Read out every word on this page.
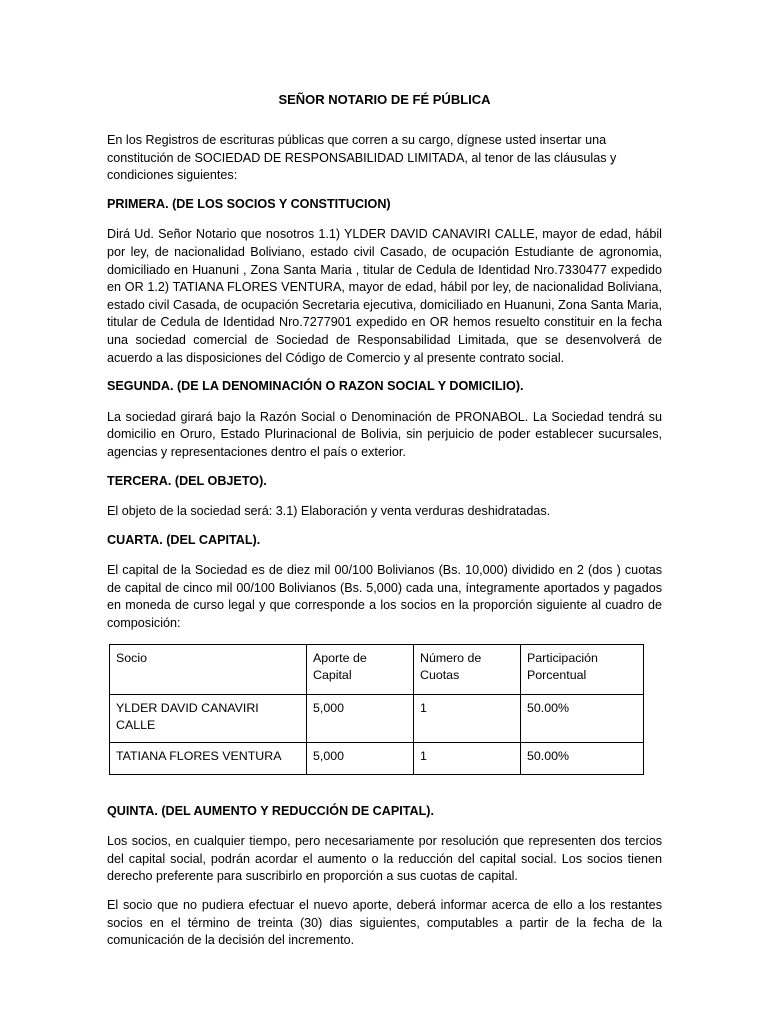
SEÑOR NOTARIO DE FÉ PÚBLICA

En los Registros de escrituras públicas que corren a su cargo, dígnese usted insertar una constitución de SOCIEDAD DE RESPONSABILIDAD LIMITADA, al tenor de las cláusulas y condiciones siguientes:

PRIMERA. (DE LOS SOCIOS Y CONSTITUCION)

Dirá Ud. Señor Notario que nosotros 1.1) YLDER DAVID CANAVIRI CALLE, mayor de edad, hábil por ley, de nacionalidad Boliviano, estado civil Casado, de ocupación Estudiante de agronomia, domiciliado en Huanuni , Zona Santa Maria , titular de Cedula de Identidad Nro.7330477 expedido en OR 1.2) TATIANA FLORES VENTURA, mayor de edad, hábil por ley, de nacionalidad Boliviana, estado civil Casada, de ocupación Secretaria ejecutiva, domiciliado en Huanuni, Zona Santa Maria, titular de Cedula de Identidad Nro.7277901 expedido en OR hemos resuelto constituir en la fecha una sociedad comercial de Sociedad de Responsabilidad Limitada, que se desenvolverá de acuerdo a las disposiciones del Código de Comercio y al presente contrato social.

SEGUNDA. (DE LA DENOMINACIÓN O RAZON SOCIAL Y DOMICILIO).

La sociedad girará bajo la Razón Social o Denominación de PRONABOL. La Sociedad tendrá su domicilio en Oruro, Estado Plurinacional de Bolivia, sin perjuicio de poder establecer sucursales, agencias y representaciones dentro el país o exterior.

TERCERA. (DEL OBJETO).

El objeto de la sociedad será: 3.1) Elaboración y venta verduras deshidratadas.

CUARTA. (DEL CAPITAL).

El capital de la Sociedad es de diez mil 00/100 Bolivianos (Bs. 10,000) dividido en 2 (dos ) cuotas de capital de cinco mil 00/100 Bolivianos (Bs. 5,000) cada una, íntegramente aportados y pagados en moneda de curso legal y que corresponde a los socios en la proporción siguiente al cuadro de composición:

Socio	Aporte de Capital	Número de Cuotas	Participación Porcentual
YLDER DAVID CANAVIRI CALLE	5,000	1	50.00%
TATIANA FLORES VENTURA	5,000	1	50.00%
QUINTA. (DEL AUMENTO Y REDUCCIÓN DE CAPITAL).

Los socios, en cualquier tiempo, pero necesariamente por resolución que representen dos tercios del capital social, podrán acordar el aumento o la reducción del capital social. Los socios tienen derecho preferente para suscribirlo en proporción a sus cuotas de capital.

El socio que no pudiera efectuar el nuevo aporte, deberá informar acerca de ello a los restantes socios en el término de treinta (30) dias siguientes, computables a partir de la fecha de la comunicación de la decisión del incremento.
